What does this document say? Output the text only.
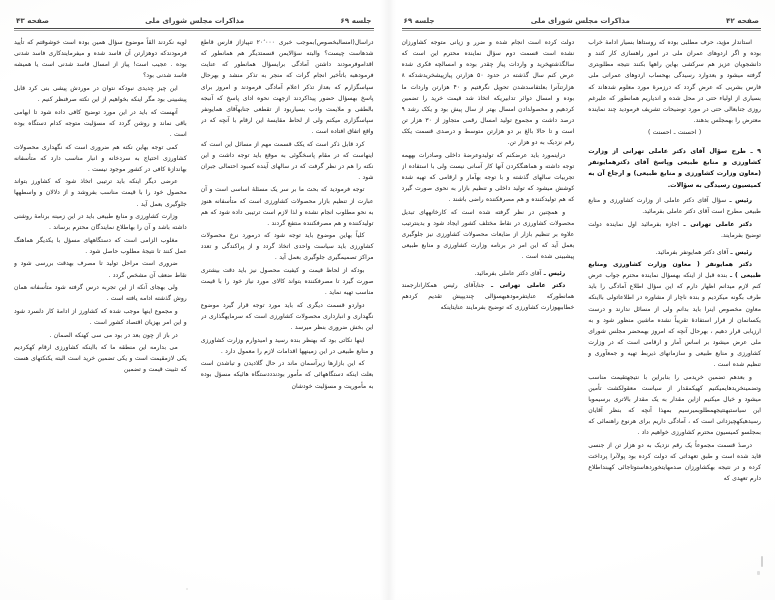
صفحه ۴۲
مذاکرات مجلس شورای ملی
جلسه ۶۹

استاندار مؤید، حرف مطلبی بوده که روستاها بسیار ادامهٔ خراب بوده و اگر اردوهای عمران ملی در امور راهسازی کار کنند و دانشجویان عزیز هم سرکشی بهاین راهها بکنند نتیجه مطلوبتری گرفته میشود و بعدوارد رسیدگی بهحساب اردوهای عمرانی ملی فارس بشربی که عرض گردد که درزمرهٔ مورد معلوم شدهاند که بسیاری از اولیاء حتی در محل شده و اندیاریم همانطور که علیرغم روزی جنابعالی حتی در مورد توضیحات تشریف فرمودید چند نماینده معترض را بهمجلس بدهند.

( احسنت ـ احسنت )

۹ ـ طرح سؤال آقای دکتر عاملی تهرانی از وزارت کشاورزی و منابع طبیعی وپاسخ آقای دکترهمایونفر (معاون وزارت کشاورزی و منابع طبیعی) و ارجاع آن به کمیسیون رسیدگی به سؤالات.

رئیس ـ سؤال آقای دکتر عاملی از وزارت کشاورزی و منابع طبیعی مطرح است آقای دکتر عاملی بفرمائید.

دکتر عاملی تهرانی ـ اجازه بفرمائید اول نماینده دولت توضیح بفرمایند.

رئیس ـ آقای دکتر همایونفر بفرمائید.

دکتر همایونفر ( معاون وزارت کشاورزی ومنابع طبیعی ) ـ بنده قبل از اینکه بهسؤال نماینده محترم جواب عرض کنم لازم میدانم اظهار دارم که این سؤال اطلاع آمادگی را باید طرف بگونه میکردیم و بنده ناچار از مشاوره در اطلاعاتولی بااینکه معاون مخصوص اینرا باید بدانم ولی از مسائل ندارند و درست یکسانمان از قرار استفادهٔ تقریباً نشده ماشین منظور شود و به ارزیابی قرار دهیم ، بهرحال آنچه که امروز بهمحضر مجلس شورای ملی عرض میشود بر اساس آمار و ارقامی است که در وزارت کشاورزی و منابع طبیعی و سازمانهای ذیربط تهیه و جمعآوری و تنظیم شده است .

و بعدهم تضمین خریدمی را بنابراین با نتیجهتقیمت مناسب وتضمینخریدهایمیکنیم کهیکمقدار از سیاست معقولکشت تأمین میشود و خیال میکنیم ازاین مقدار به یک مقدار بالاتری برسیموبا این سیاستبهنتیجهمطلوبمیرسیم بمهذا آنچه که بنظر آقایان رسیدهیکهچیزدانی است که ، آمادگی داریم برای هرنوع راهنمائی که بمجلسو کمیسیون محترم کشاورزی خواهیم داد .

درصدٔ قسمت مجموعاً یک رقم نزدیک به دو هزار تن از جنسی قاید شده است و طبق تعهداتی که دولت کرده بود پولآنرا پرداخت کرده و در نتیجه بهکشاورزان صدمهایتخوردهاستوتاجائی کهبنداطلاع دارم تعهدی که

دولت کرده است انجام شده و ضرر و زیانی متوجه کشاورزان نشده است قسمت دوم سؤال نماینده محترم این است که سالگذشتهخرید و واردات پیاز چقدر بوده و امسالچه فکری شده عرض کنم سال گذشته در حدود ۵۰ هزارتن پیازپیشخریدشدکه ۸ هزارتنآنرا بعلتفاسدشدن تحویل نگرفتیم و ۴۰ هزارتن واردات ما بوده و امسال دوائر تدابیریکه اتخاذ شد قیمت خرید را تضمین کردهیم و محصولدادن امسال بهتر از سال پیش بود و یکک رشد ۹ درصد داشت و مجموع تولید امسال رقمی متجاوز از ۳۰ هزار تن است و تا حالا بالغ بر دو هزارتن متوسط و درصدی قسمت یکک رقم نزدیک به دو هزار تن.

دراینمورد باید عرضکنم که تولیدوعرضهٔ داخلی وصادرات بههمه توجه داشته و هماهنگکردن آنها کار آسانی نیست ولی با استفاده از تجربیات سالهای گذشته و با توجه بهآمار و ارقامی که تهیه شده کوشش میشود که تولید داخلی و تنظیم بازار به نحوی صورت گیرد که هم تولیدکننده و هم مصرفکننده راضی باشند .

و همچنین در نظر گرفته شده است که کارخانههای تبدیل محصولات کشاورزی در نقاط مختلف کشور ایجاد شود و بدینترتیب علاوه بر تنظیم بازار از ضایعات محصولات کشاورزی نیز جلوگیری بعمل آید که این امر در برنامه وزارت کشاورزی و منابع طبیعی پیشبینی شده است .

رئیس ـ آقای دکتر عاملی بفرمائید.

دکتر عاملی تهرانی ـ جنابآقای رئیس همکارانارجمند همانطورکه عنایتفرمودهبهسؤالی چندیپیش تقدیم کردهم خطاببهوزارت کشاورزی که توضیح بفرمایند عنایتاینکه

جلسه ۶۹
مذاکرات مجلس شورای ملی
صفحه ۴۳

دراسال(امسالبخصوص)بموجب خبری ۲۰٬۰۰۰ تنپیازاز فارس قاطع شدهاست چیست؟ والبته سؤالایمن قسمتدیگر هم همانطور که اقداموفرمودند داشتن آمادگی برایسؤال همانطور که عنایت فرمودهبه باتأخیر انجام گرات که منجر به تذکر منشد و بهرحال سپاسگزارم که بعداز تذکر اعلام آمادگی فرمودند و امروز برای پاسخ بهسؤال حضور پیداکردند ازجهت نحوه ادای پاسخ که آنبجه بالطفی و ملایمت وادب بسیاربود از تقطعی جنابهآقای همایونفر سپاسگزاری میکنم ولی از لحاظ مقایسهٔ این ارقام با آنچه که در واقع اتفاق افتاده است .

کرد قابل ذکر است که یکک قسمت مهم از مسائل این است که اینهاست که در مقام پاسخگوئی به موقع باید توجه داشت و این نکته را هم در نظر گرفت که در سالهای آینده کمبود احتمالی جبران شود .

توجه فرمودید که بحث ما بر سر یک مسئلهٔ اساسی است و آن عبارت از تنظیم بازار محصولات کشاورزی است که متأسفانه هنوز به نحو مطلوب انجام نشده و لذا لازم است ترتیبی داده شود که هم تولیدکننده و هم مصرفکننده منتفع گردند .

کلیاً بهاین موضوع باید توجه شود که درمورد نرخ محصولات کشاورزی باید سیاست واحدی اتخاذ گردد و از پراکندگی و تعدد مراکز تصمیمگیری جلوگیری بعمل آید .

بودکه از لحاظ قیمت و کیفیت محصول نیز باید دقت بیشتری صورت گیرد تا مصرفکننده بتواند کالای مورد نیاز خود را با قیمت مناسب تهیه نماید .

دواردو قسمت دیگری که باید مورد توجه قرار گیرد موضوع نگهداری و انبارداری محصولات کشاورزی است که سرمایهگذاری در این بخش ضروری بنظر میرسد .

اینها نکاتی بود که بهنظر بنده رسید و امیدوارم وزارت کشاورزی و منابع طبیعی در این زمینهها اقدامات لازم را معمول دارد .

که این بازارها زیرآسمان ماند در حال گلادیدن و تباشدن است بعلت اینکه دستگاههائی که مأمور بودندددستگاه هائیکه مسؤل بوده به مأموریت و مسؤلیت خودشان

لویه نکردند القاً موضوع سؤال همین بوده است خوشوقتم که تأیید فرمودندکه دوهزارتن آن فاسد شده و میفرمایندکاری فاسد شدنی بوده . عجیب است! پیاز از امسال فاسد شدنی است یا همیشه فاسد شدنی بود؟

این چیز چدیدی نبودکه نتوان در موردش پیشی بنی کرد قابل پیشبینی بود مگر اینکه بخواهیم از این نکته صرفنظر کنیم .

آنهست که باید در این مورد توضیح کافی داده شود تا ابهامی باقی نماند و روشن گردد که مسؤلیت متوجه کدام دستگاه بوده است .

کمی توجه بهاین نکته هم ضروری است که نگهداری محصولات کشاورزی احتیاج به سردخانه و انبار مناسب دارد که متأسفانه بهاندازهٔ کافی در کشور موجود نیست .

عرضی دیگر اینکه باید ترتیبی اتخاذ شود که کشاورز بتواند محصول خود را با قیمت مناسب بفروشد و از دلالان و واسطهها جلوگیری بعمل آید .

وزارت کشاورزی و منابع طبیعی باید در این زمینه برنامهٔ روشنی داشته باشد و آن را بهاطلاع نمایندگان محترم برساند .

مغلوب الزامی است که دستگاههای مسؤل با یکدیگر هماهنگ عمل کنند تا نتیجهٔ مطلوب حاصل شود .

ضروری است مراحل تولید تا مصرف بهدقت بررسی شود و نقاط ضعف آن مشخص گردد .

ولی بهجای آنکه از این تجربه درس گرفته شود متأسفانه همان روش گذشته ادامه یافته است .

و مجموع اینها موجب شده که کشاورز از ادامهٔ کار دلسرد شود و این امر بهزیان اقتصاد کشور است .

در باز از چون بعد در بود می سی کهنکه الصمان .

می بدارمه این منطقه ما که بااینکه کشاورزی ارقام کهکردیم یکی لازمقیمت است و یکی تضمین خرید است البته یکنکتهای هست که تثبیت قیمت و تضمین
